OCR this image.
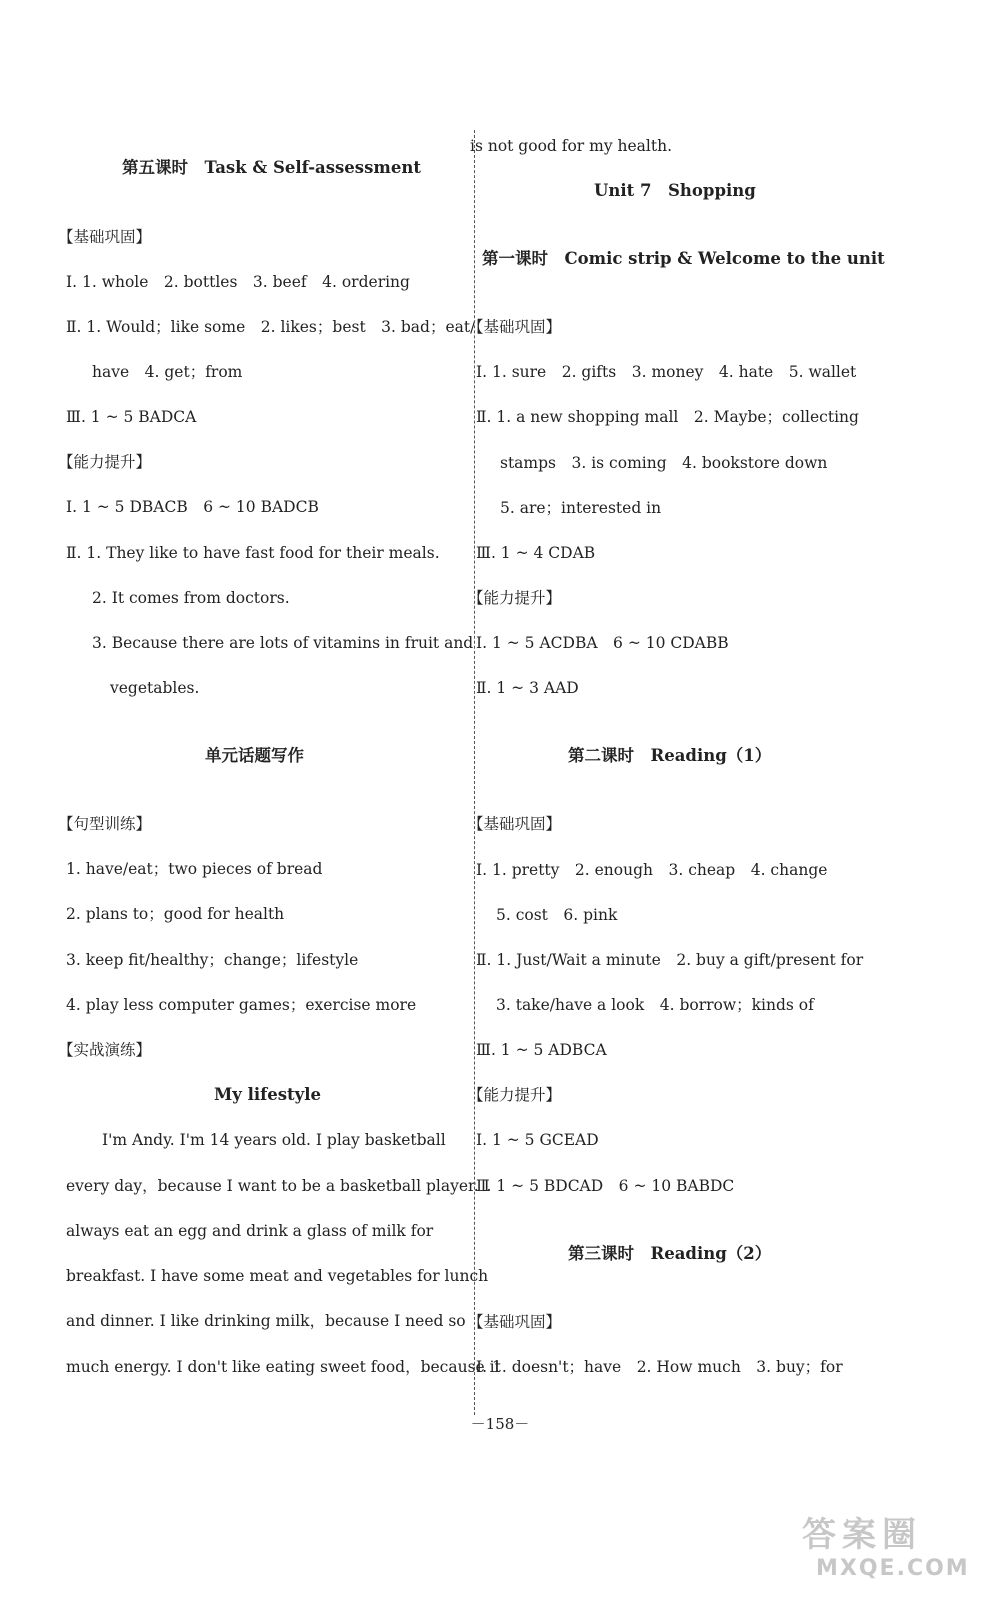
第五课时　Task & Self-assessment
【基础巩固】
Ⅰ. 1. whole　2. bottles　3. beef　4. ordering
Ⅱ. 1. Would；like some　2. likes；best　3. bad；eat/
have　4. get；from
Ⅲ. 1 ~ 5 BADCA
【能力提升】
Ⅰ. 1 ~ 5 DBACB　6 ~ 10 BADCB
Ⅱ. 1. They like to have fast food for their meals.
2. It comes from doctors.
3. Because there are lots of vitamins in fruit and
vegetables.
单元话题写作
【句型训练】
1. have/eat；two pieces of bread
2. plans to；good for health
3. keep fit/healthy；change；lifestyle
4. play less computer games；exercise more
【实战演练】
My lifestyle
I'm Andy. I'm 14 years old. I play basketball
every day，because I want to be a basketball player. I
always eat an egg and drink a glass of milk for
breakfast. I have some meat and vegetables for lunch
and dinner. I like drinking milk，because I need so
much energy. I don't like eating sweet food，because it
is not good for my health.
Unit 7　Shopping
第一课时　Comic strip & Welcome to the unit
【基础巩固】
Ⅰ. 1. sure　2. gifts　3. money　4. hate　5. wallet
Ⅱ. 1. a new shopping mall　2. Maybe；collecting
stamps　3. is coming　4. bookstore down
5. are；interested in
Ⅲ. 1 ~ 4 CDAB
【能力提升】
Ⅰ. 1 ~ 5 ACDBA　6 ~ 10 CDABB
Ⅱ. 1 ~ 3 AAD
第二课时　Reading（1）
【基础巩固】
Ⅰ. 1. pretty　2. enough　3. cheap　4. change
5. cost　6. pink
Ⅱ. 1. Just/Wait a minute　2. buy a gift/present for
3. take/have a look　4. borrow；kinds of
Ⅲ. 1 ~ 5 ADBCA
【能力提升】
Ⅰ. 1 ~ 5 GCEAD
Ⅱ. 1 ~ 5 BDCAD　6 ~ 10 BABDC
第三课时　Reading（2）
【基础巩固】
Ⅰ. 1. doesn't；have　2. How much　3. buy；for
－158－
答案圈
MXQE.COM
